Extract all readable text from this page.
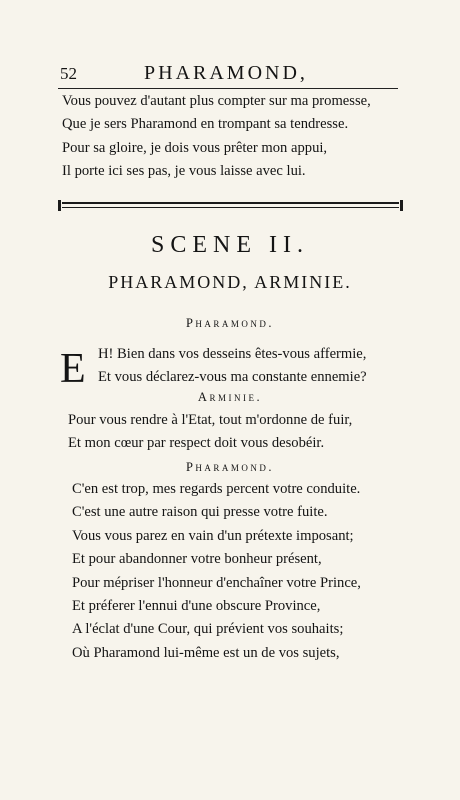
52	PHARAMOND,
Vous pouvez d'autant plus compter sur ma promesse,
Que je sers Pharamond en trompant sa tendresse.
Pour sa gloire, je dois vous prêter mon appui,
Il porte ici ses pas, je vous laisse avec lui.
SCENE II.
PHARAMOND, ARMINIE.
Pharamond.
E H! Bien dans vos desseins êtes-vous affermie,
Et vous déclarez-vous ma constante ennemie?
Arminie.
Pour vous rendre à l'Etat, tout m'ordonne de fuir,
Et mon cœur par respect doit vous desobéir.
Pharamond.
C'en est trop, mes regards percent votre conduite.
C'est une autre raison qui presse votre fuite.
Vous vous parez en vain d'un prétexte imposant;
Et pour abandonner votre bonheur présent,
Pour mépriser l'honneur d'enchaîner votre Prince,
Et préferer l'ennui d'une obscure Province,
A l'éclat d'une Cour, qui prévient vos souhaits;
Où Pharamond lui-même est un de vos sujets,
